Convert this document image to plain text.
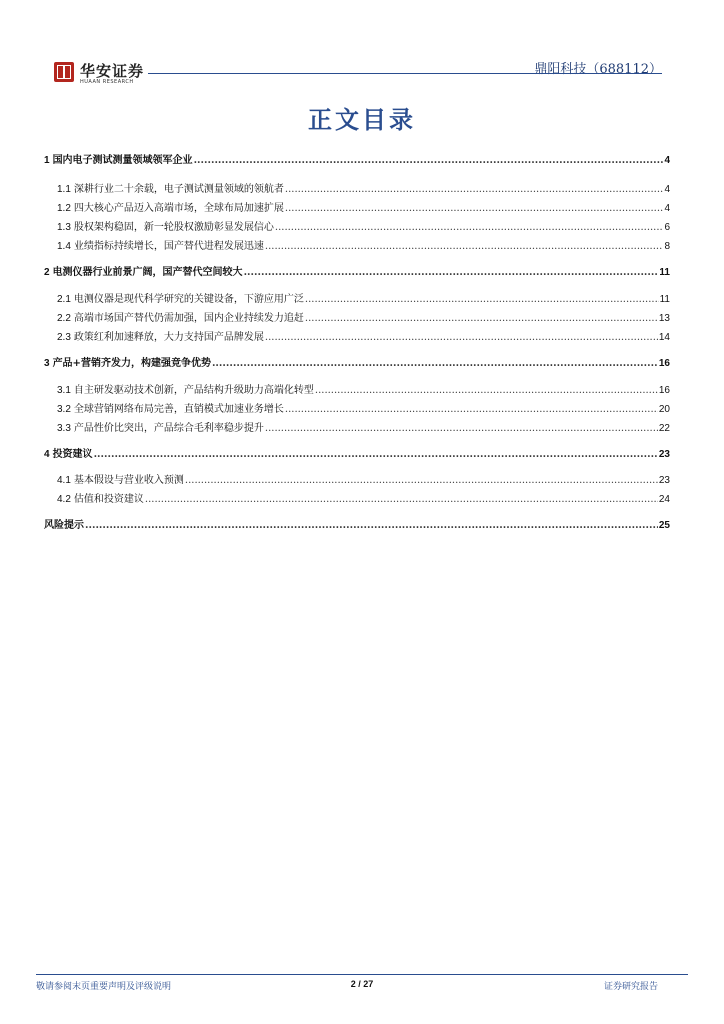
华安证券
HUAAN RESEARCH
鼎阳科技（688112）
正文目录
1 国内电子测试测量领域领军企业 .....	4
1.1 深耕行业二十余载，电子测试测量领域的领航者 .....	4
1.2 四大核心产品迈入高端市场，全球布局加速扩展 .....	4
1.3 股权架构稳固，新一轮股权激励彰显发展信心 .....	6
1.4 业绩指标持续增长，国产替代进程发展迅速 .....	8
2 电测仪器行业前景广阔，国产替代空间较大 .....	11
2.1 电测仪器是现代科学研究的关键设备，下游应用广泛 .....	11
2.2 高端市场国产替代仍需加强，国内企业持续发力追赶 .....	13
2.3 政策红利加速释放，大力支持国产品牌发展 .....	14
3 产品+营销齐发力，构建强竞争优势 .....	16
3.1 自主研发驱动技术创新，产品结构升级助力高端化转型 .....	16
3.2 全球营销网络布局完善，直销模式加速业务增长 .....	20
3.3 产品性价比突出，产品综合毛利率稳步提升 .....	22
4 投资建议 .....	23
4.1 基本假设与营业收入预测 .....	23
4.2 估值和投资建议 .....	24
风险提示 .....	25
敬请参阅末页重要声明及评级说明	2 / 27	证券研究报告
